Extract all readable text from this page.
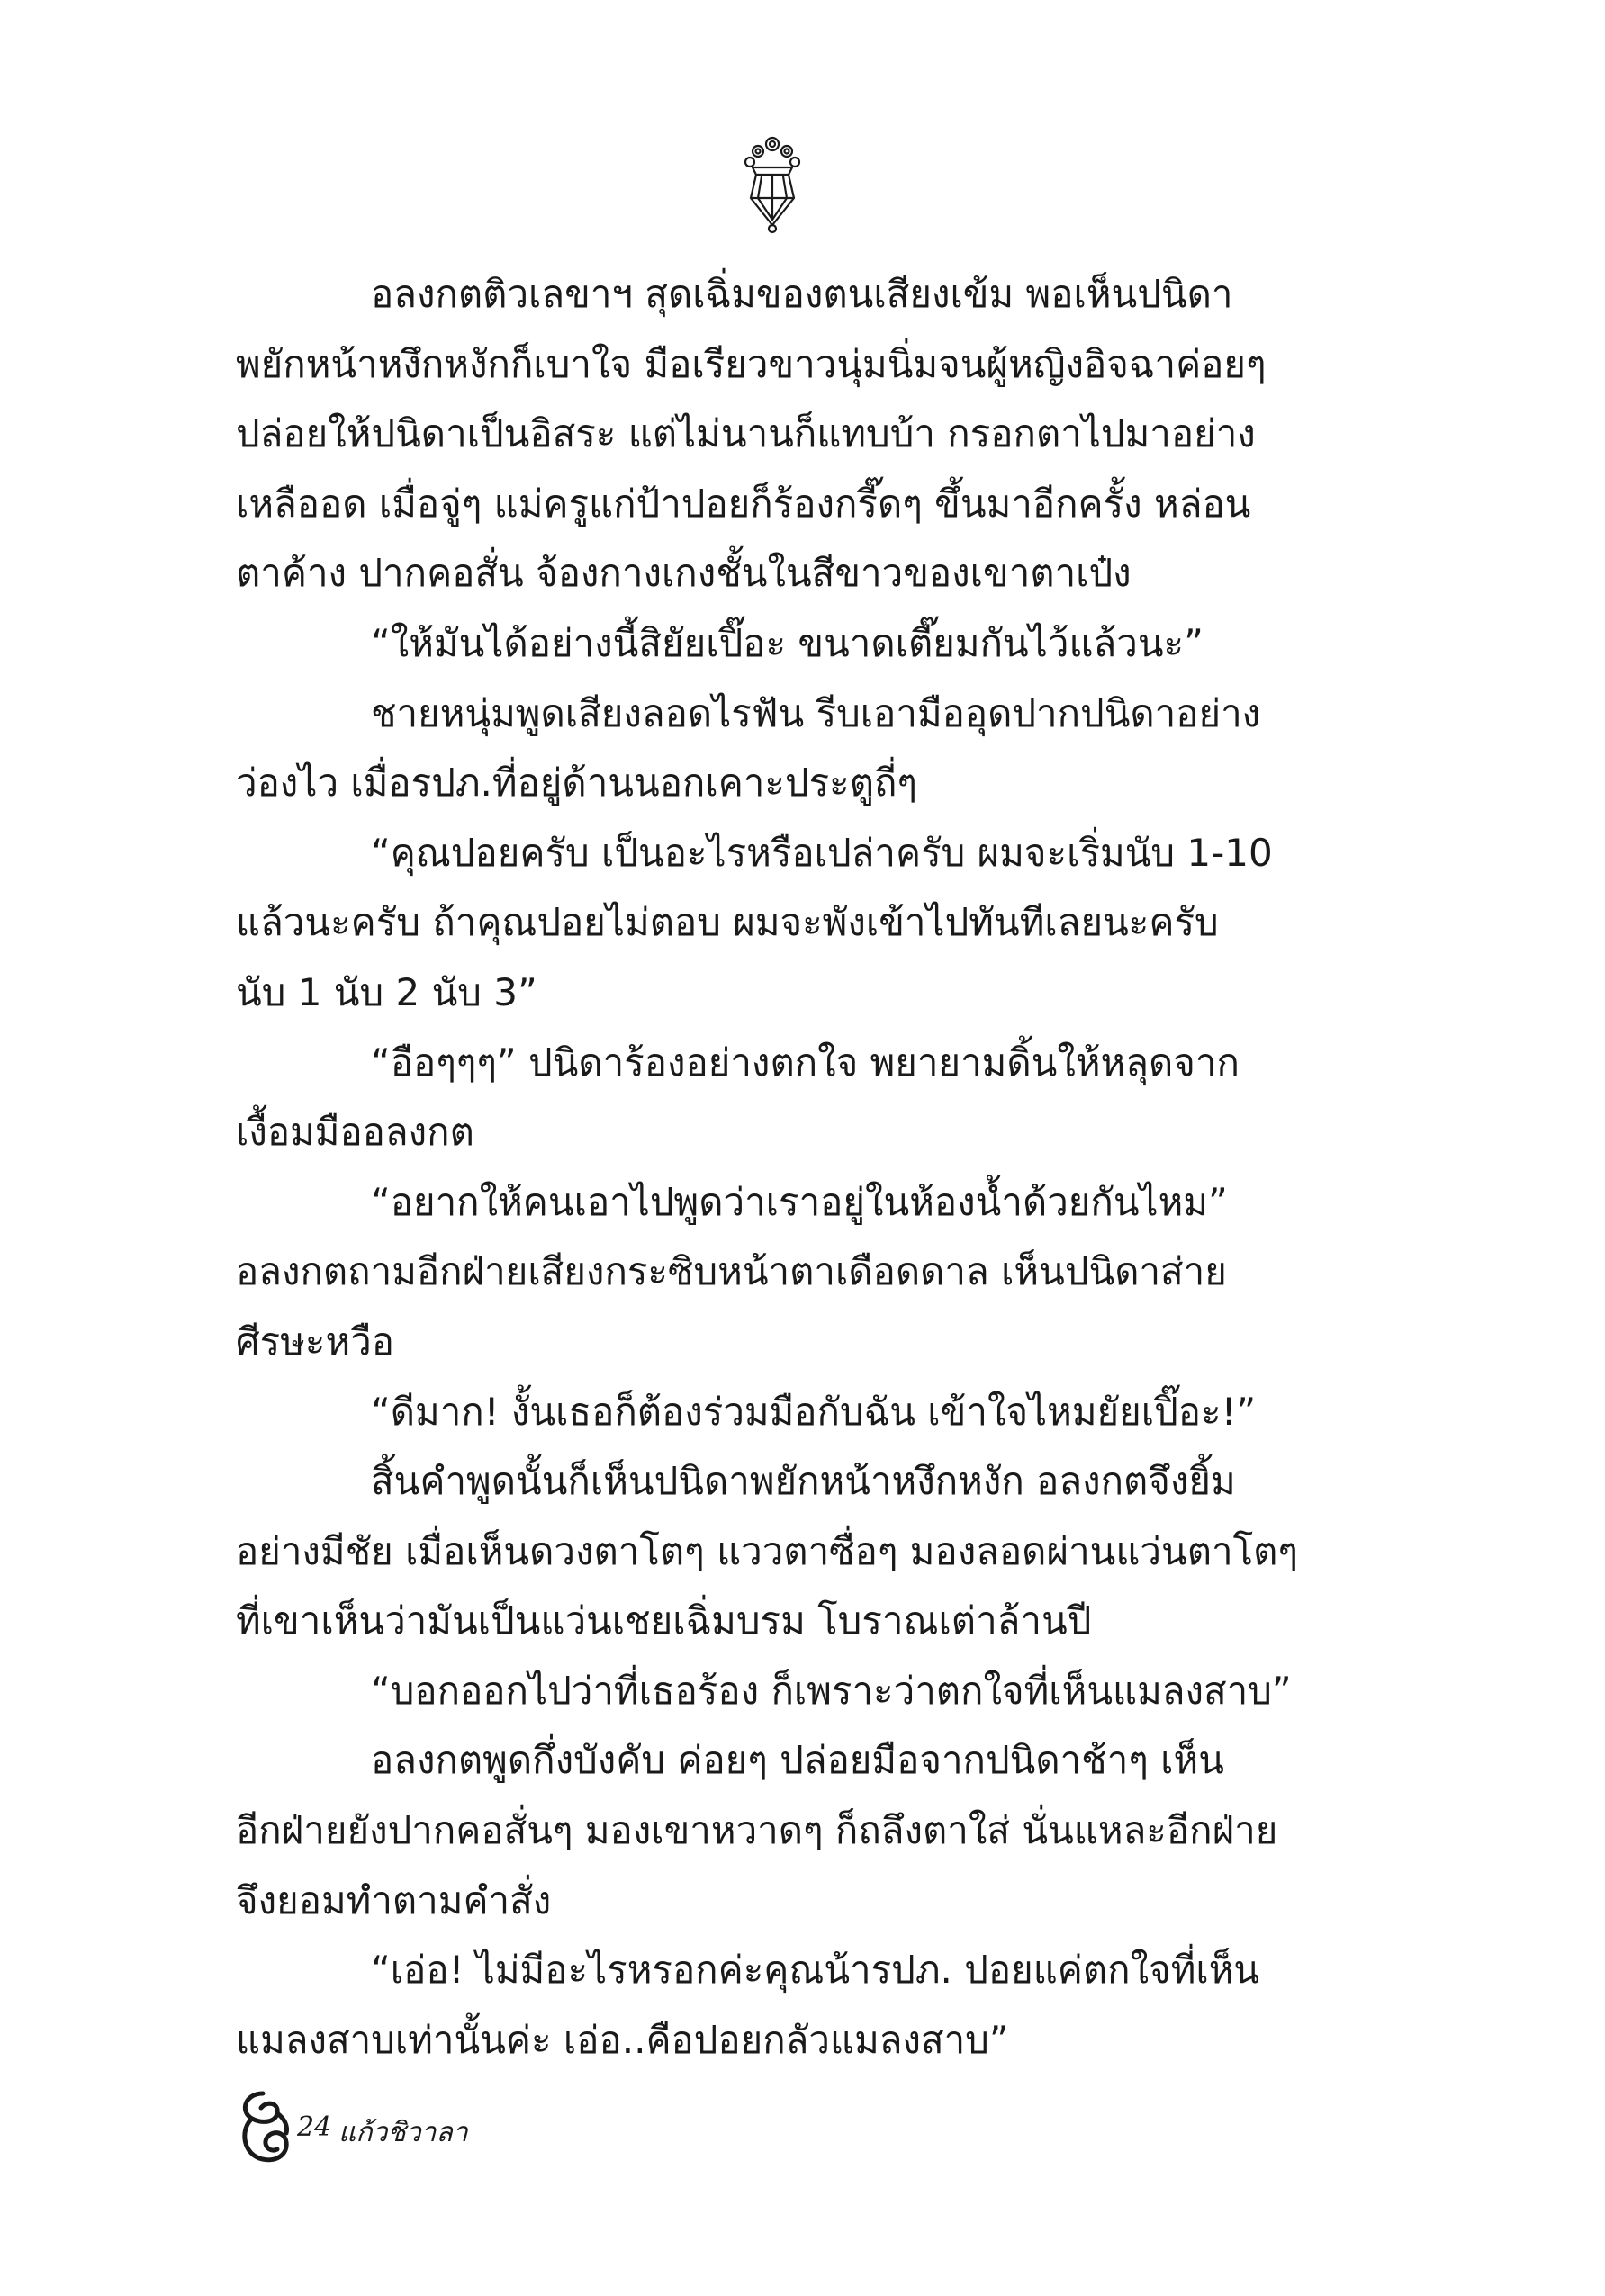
อลงกตติวเลขาฯ สุดเฉิ่มของตนเสียงเข้ม พอเห็นปนิดา
พยักหน้าหงึกหงักก็เบาใจ มือเรียวขาวนุ่มนิ่มจนผู้หญิงอิจฉาค่อยๆ
ปล่อยให้ปนิดาเป็นอิสระ แต่ไม่นานก็แทบบ้า กรอกตาไปมาอย่าง
เหลืออด เมื่อจู่ๆ แม่ครูแก่ป้าปอยก็ร้องกรี๊ดๆ ขึ้นมาอีกครั้ง หล่อน
ตาค้าง ปากคอสั่น จ้องกางเกงชั้นในสีขาวของเขาตาเป๋ง
“ให้มันได้อย่างนี้สิยัยเปิ๊อะ ขนาดเตี๊ยมกันไว้แล้วนะ”
ชายหนุ่มพูดเสียงลอดไรฟัน รีบเอามืออุดปากปนิดาอย่าง
ว่องไว เมื่อรปภ.ที่อยู่ด้านนอกเคาะประตูถี่ๆ
“คุณปอยครับ เป็นอะไรหรือเปล่าครับ ผมจะเริ่มนับ 1-10
แล้วนะครับ ถ้าคุณปอยไม่ตอบ ผมจะพังเข้าไปทันทีเลยนะครับ
นับ 1 นับ 2 นับ 3”
“อือๆๆๆ” ปนิดาร้องอย่างตกใจ พยายามดิ้นให้หลุดจาก
เงื้อมมืออลงกต
“อยากให้คนเอาไปพูดว่าเราอยู่ในห้องน้ำด้วยกันไหม”
อลงกตถามอีกฝ่ายเสียงกระซิบหน้าตาเดือดดาล เห็นปนิดาส่าย
ศีรษะหวือ
“ดีมาก! งั้นเธอก็ต้องร่วมมือกับฉัน เข้าใจไหมยัยเปิ๊อะ!”
สิ้นคำพูดนั้นก็เห็นปนิดาพยักหน้าหงึกหงัก อลงกตจึงยิ้ม
อย่างมีชัย เมื่อเห็นดวงตาโตๆ แววตาซื่อๆ มองลอดผ่านแว่นตาโตๆ
ที่เขาเห็นว่ามันเป็นแว่นเชยเฉิ่มบรม โบราณเต่าล้านปี
“บอกออกไปว่าที่เธอร้อง ก็เพราะว่าตกใจที่เห็นแมลงสาบ”
อลงกตพูดกึ่งบังคับ ค่อยๆ ปล่อยมือจากปนิดาช้าๆ เห็น
อีกฝ่ายยังปากคอสั่นๆ มองเขาหวาดๆ ก็ถลึงตาใส่ นั่นแหละอีกฝ่าย
จึงยอมทำตามคำสั่ง
“เอ่อ! ไม่มีอะไรหรอกค่ะคุณน้ารปภ. ปอยแค่ตกใจที่เห็น
แมลงสาบเท่านั้นค่ะ เอ่อ..คือปอยกลัวแมลงสาบ”
24 แก้วชิวาลา
